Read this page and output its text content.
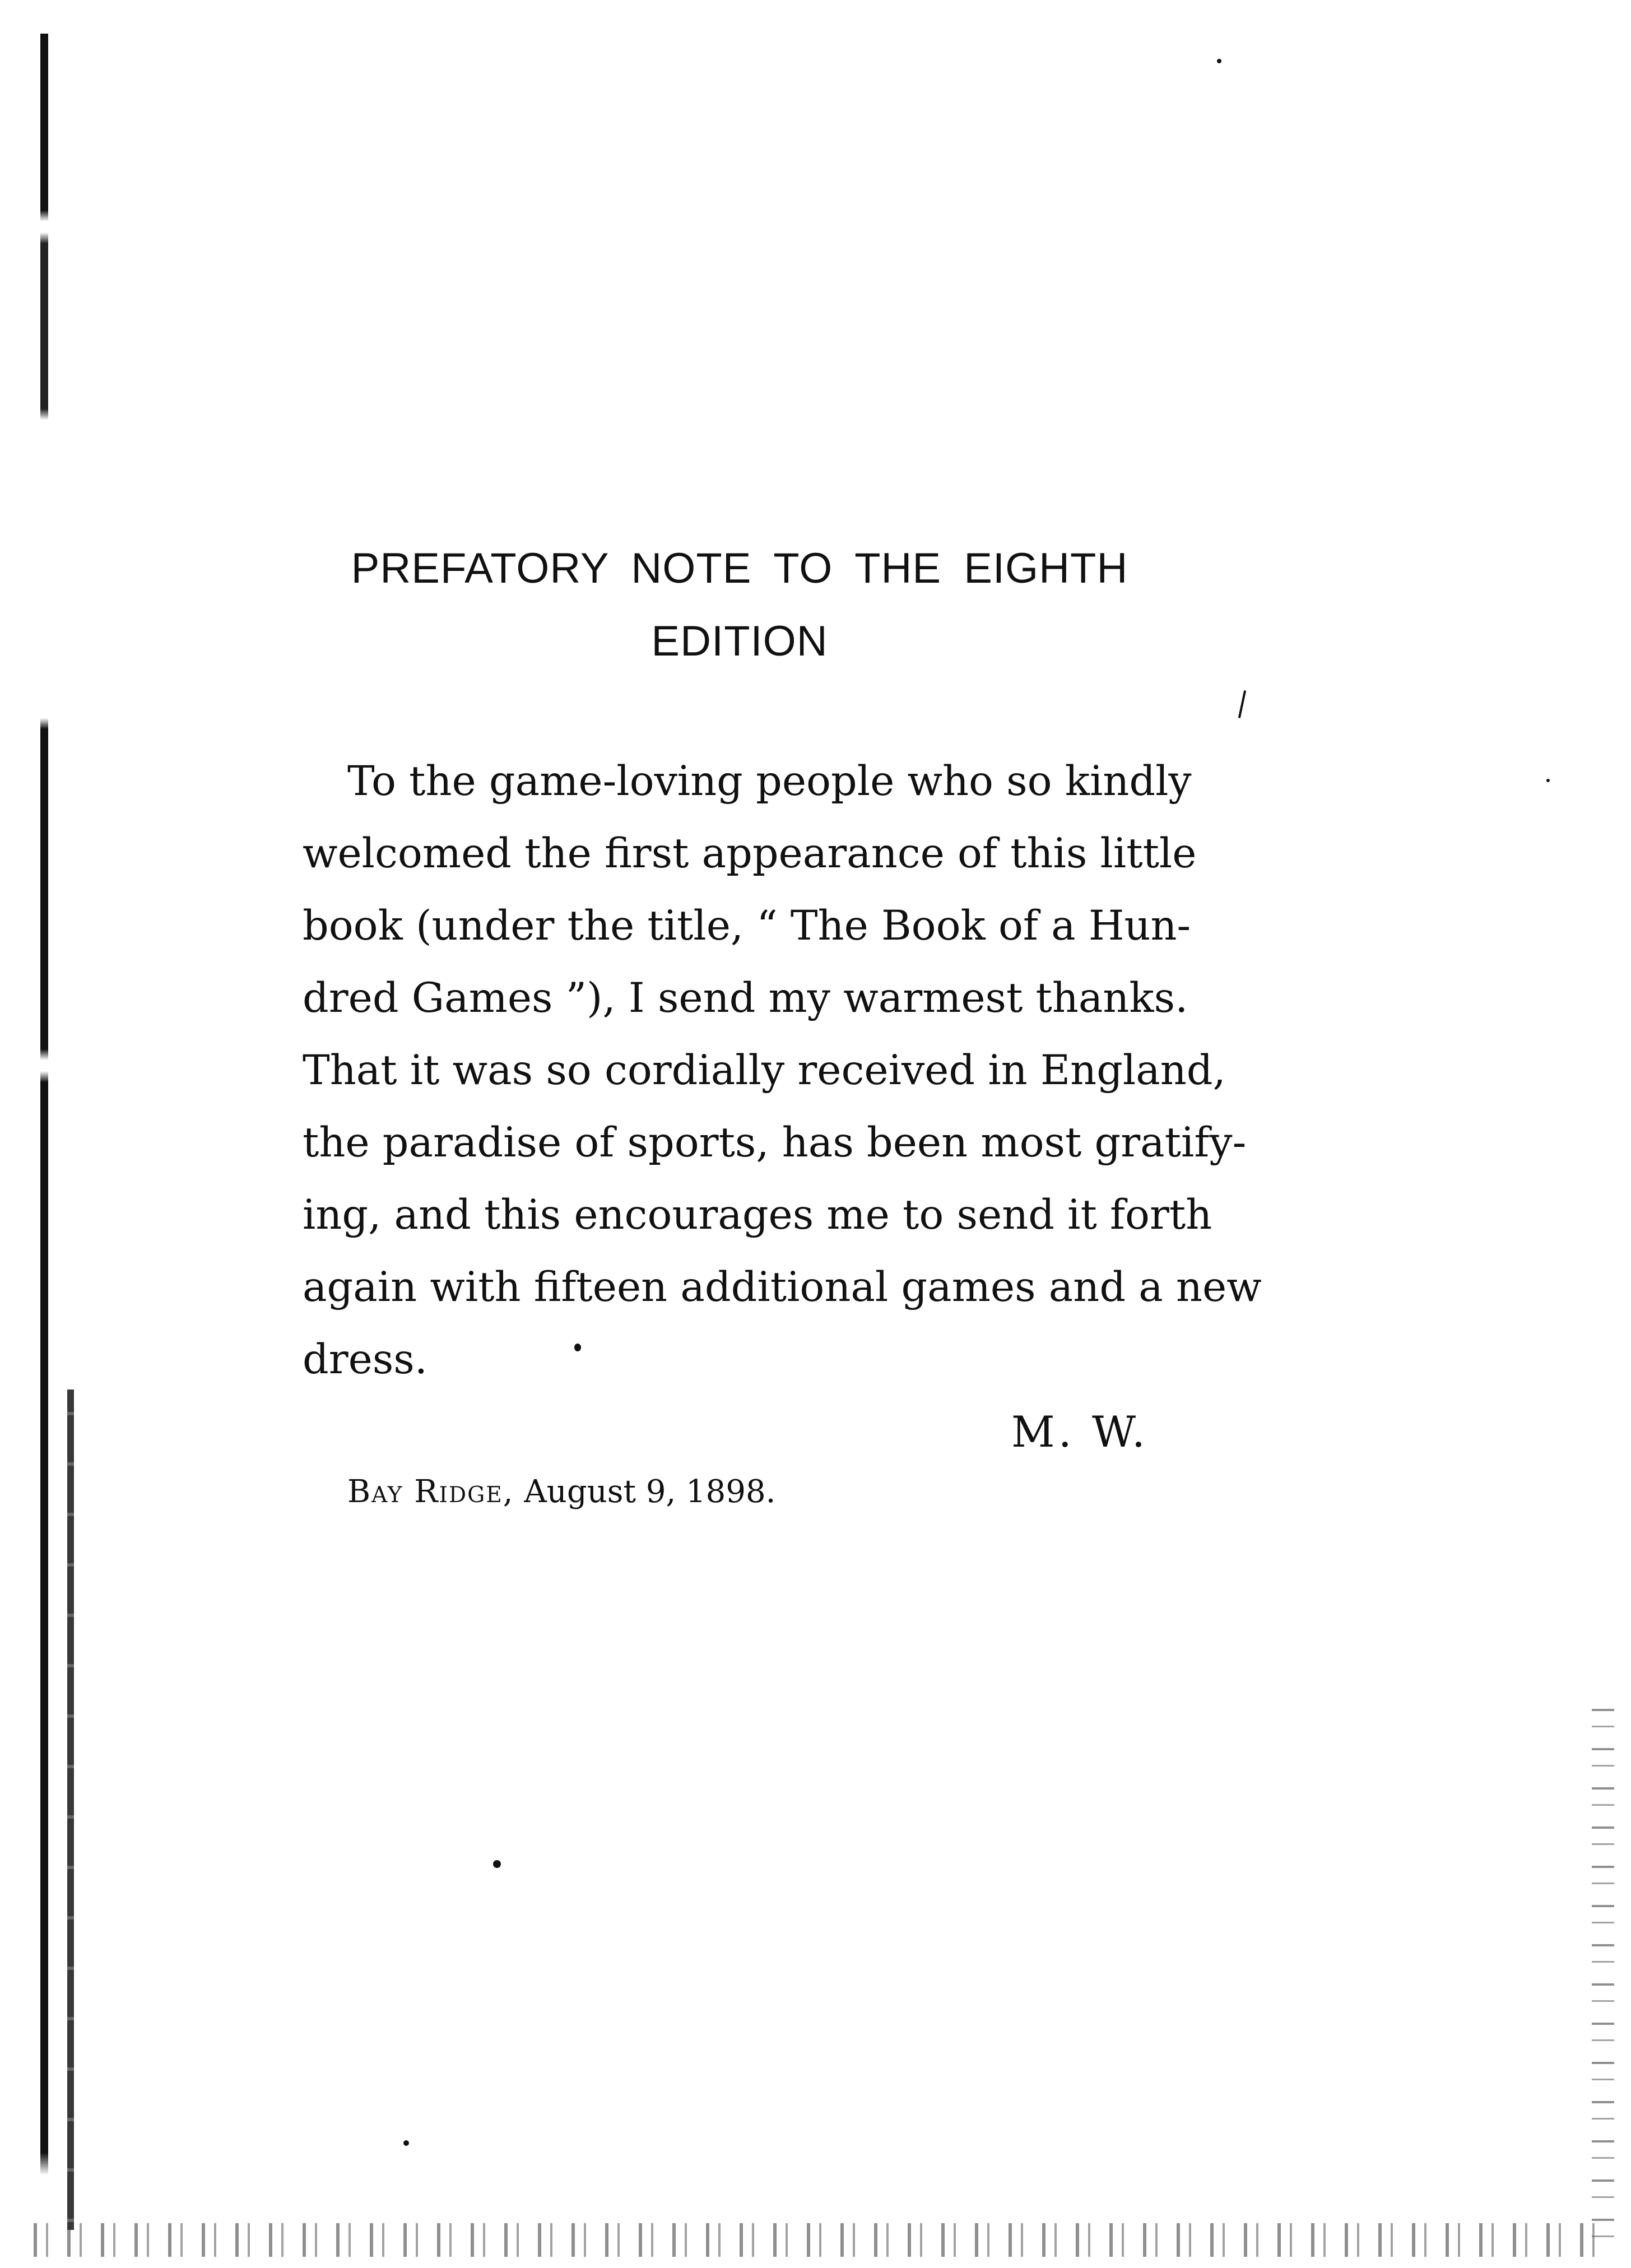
PREFATORY NOTE TO THE EIGHTH
EDITION
To the game-loving people who so kindly
welcomed the first appearance of this little
book (under the title, “ The Book of a Hun-
dred Games ”), I send my warmest thanks.
That it was so cordially received in England,
the paradise of sports, has been most gratify-
ing, and this encourages me to send it forth
again with fifteen additional games and a new
dress.
M. W.
Bay Ridge, August 9, 1898.
